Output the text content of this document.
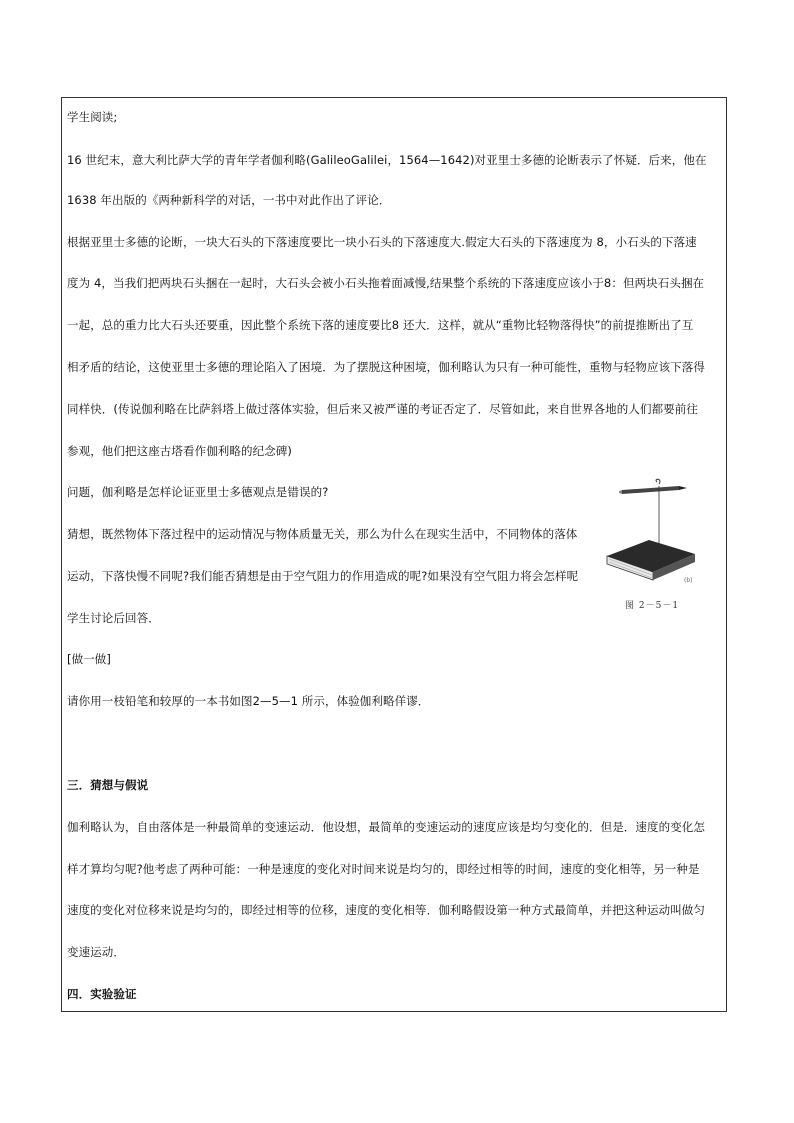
学生阅读;
16 世纪末，意大利比萨大学的青年学者伽利略(GalileoGalilei，1564—1642)对亚里士多德的论断表示了怀疑．后来，他在
1638 年出版的《两种新科学的对话，一书中对此作出了评论．
根据亚里士多德的论断，一块大石头的下落速度要比一块小石头的下落速度大.假定大石头的下落速度为 8，小石头的下落速
度为 4，当我们把两块石头捆在一起时，大石头会被小石头拖着面减慢,结果整个系统的下落速度应该小于8：但两块石头捆在
一起，总的重力比大石头还要重，因此整个系统下落的速度要比8 还大．这样，就从“重物比轻物落得快”的前提推断出了互
相矛盾的结论，这使亚里士多德的理论陷入了困境．为了摆脱这种困境，伽利略认为只有一种可能性，重物与轻物应该下落得
同样快．(传说伽利略在比萨斜塔上做过落体实验，但后来又被严谨的考证否定了．尽管如此，来自世界各地的人们都要前往
参观，他们把这座古塔看作伽利略的纪念碑)
问题，伽利略是怎样论证亚里士多德观点是错误的?
猜想，既然物体下落过程中的运动情况与物体质量无关，那么为什么在现实生活中，不同物体的落体
运动，下落快慢不同呢?我们能否猜想是由于空气阻力的作用造成的呢?如果没有空气阻力将会怎样呢
学生讨论后回答．
[做一做]
请你用一枝铅笔和较厚的一本书如图2—5—1 所示，体验伽利略佯谬．
三．猜想与假说
伽利略认为，自由落体是一种最简单的变速运动．他设想，最简单的变速运动的速度应该是均匀变化的．但是．速度的变化怎
样才算均匀呢?他考虑了两种可能：一种是速度的变化对时间来说是均匀的，即经过相等的时间，速度的变化相等，另一种是
速度的变化对位移来说是均匀的，即经过相等的位移，速度的变化相等．伽利略假设第一种方式最简单，并把这种运动叫做匀
变速运动．
四．实验验证
(b)
图 2－5－1
